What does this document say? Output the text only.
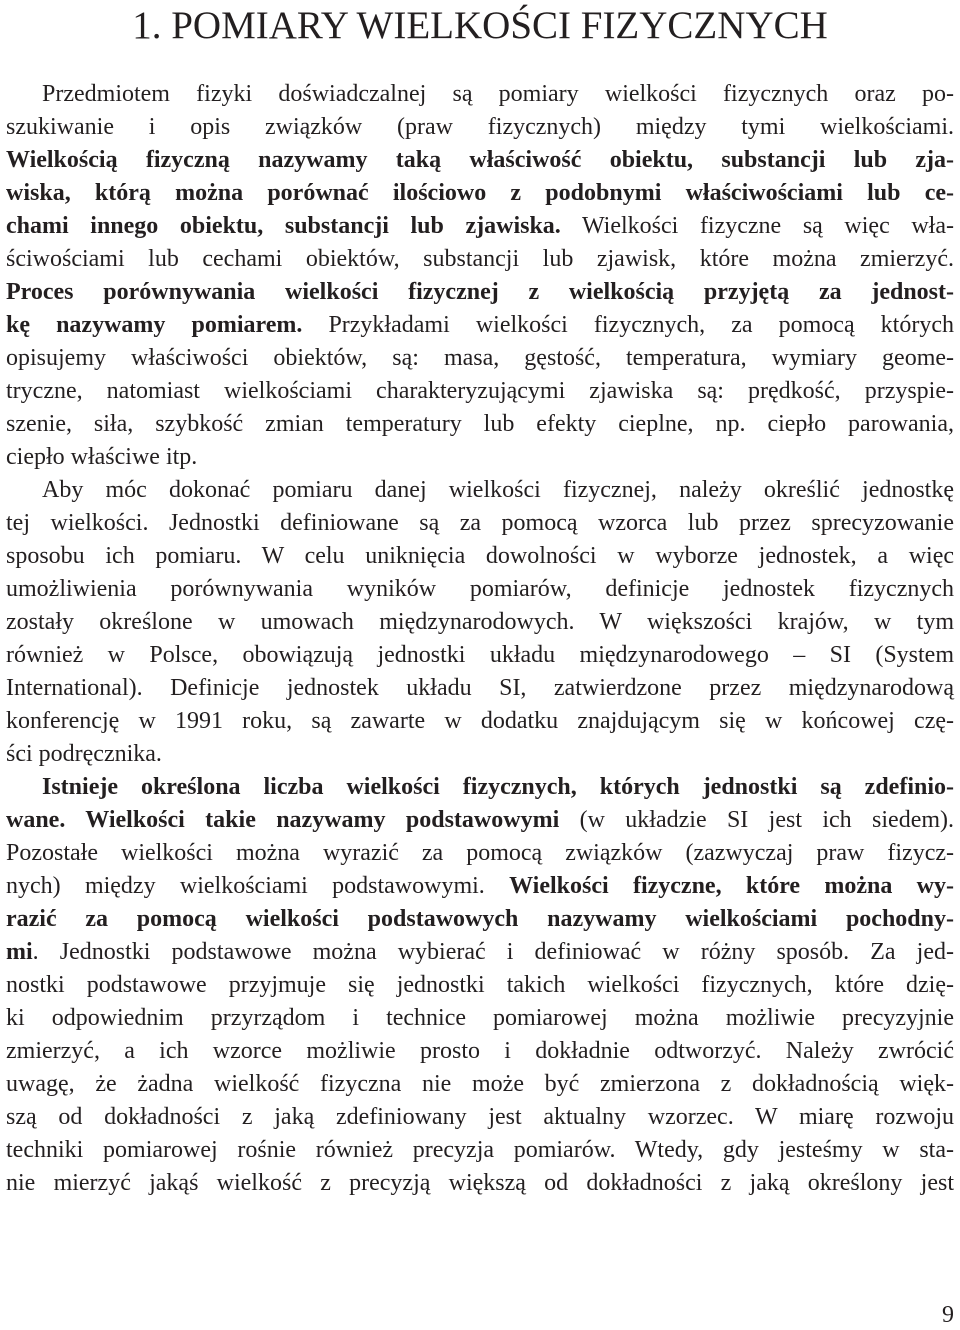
1. POMIARY WIELKOŚCI FIZYCZNYCH
Przedmiotem fizyki doświadczalnej są pomiary wielkości fizycznych oraz po-
szukiwanie i opis związków (praw fizycznych) między tymi wielkościami.
Wielkością fizyczną nazywamy taką właściwość obiektu, substancji lub zja-
wiska, którą można porównać ilościowo z podobnymi właściwościami lub ce-
chami innego obiektu, substancji lub zjawiska. Wielkości fizyczne są więc wła-
ściwościami lub cechami obiektów, substancji lub zjawisk, które można zmierzyć.
Proces porównywania wielkości fizycznej z wielkością przyjętą za jednost-
kę nazywamy pomiarem. Przykładami wielkości fizycznych, za pomocą których
opisujemy właściwości obiektów, są: masa, gęstość, temperatura, wymiary geome-
tryczne, natomiast wielkościami charakteryzującymi zjawiska są: prędkość, przyspie-
szenie, siła, szybkość zmian temperatury lub efekty cieplne, np. ciepło parowania,
ciepło właściwe itp.
Aby móc dokonać pomiaru danej wielkości fizycznej, należy określić jednostkę
tej wielkości. Jednostki definiowane są za pomocą wzorca lub przez sprecyzowanie
sposobu ich pomiaru. W celu uniknięcia dowolności w wyborze jednostek, a więc
umożliwienia porównywania wyników pomiarów, definicje jednostek fizycznych
zostały określone w umowach międzynarodowych. W większości krajów, w tym
również w Polsce, obowiązują jednostki układu międzynarodowego – SI (System
International). Definicje jednostek układu SI, zatwierdzone przez międzynarodową
konferencję w 1991 roku, są zawarte w dodatku znajdującym się w końcowej czę-
ści podręcznika.
Istnieje określona liczba wielkości fizycznych, których jednostki są zdefinio-
wane. Wielkości takie nazywamy podstawowymi (w układzie SI jest ich siedem).
Pozostałe wielkości można wyrazić za pomocą związków (zazwyczaj praw fizycz-
nych) między wielkościami podstawowymi. Wielkości fizyczne, które można wy-
razić za pomocą wielkości podstawowych nazywamy wielkościami pochodny-
mi. Jednostki podstawowe można wybierać i definiować w różny sposób. Za jed-
nostki podstawowe przyjmuje się jednostki takich wielkości fizycznych, które dzię-
ki odpowiednim przyrządom i technice pomiarowej można możliwie precyzyjnie
zmierzyć, a ich wzorce możliwie prosto i dokładnie odtworzyć. Należy zwrócić
uwagę, że żadna wielkość fizyczna nie może być zmierzona z dokładnością więk-
szą od dokładności z jaką zdefiniowany jest aktualny wzorzec. W miarę rozwoju
techniki pomiarowej rośnie również precyzja pomiarów. Wtedy, gdy jesteśmy w sta-
nie mierzyć jakąś wielkość z precyzją większą od dokładności z jaką określony jest
9
